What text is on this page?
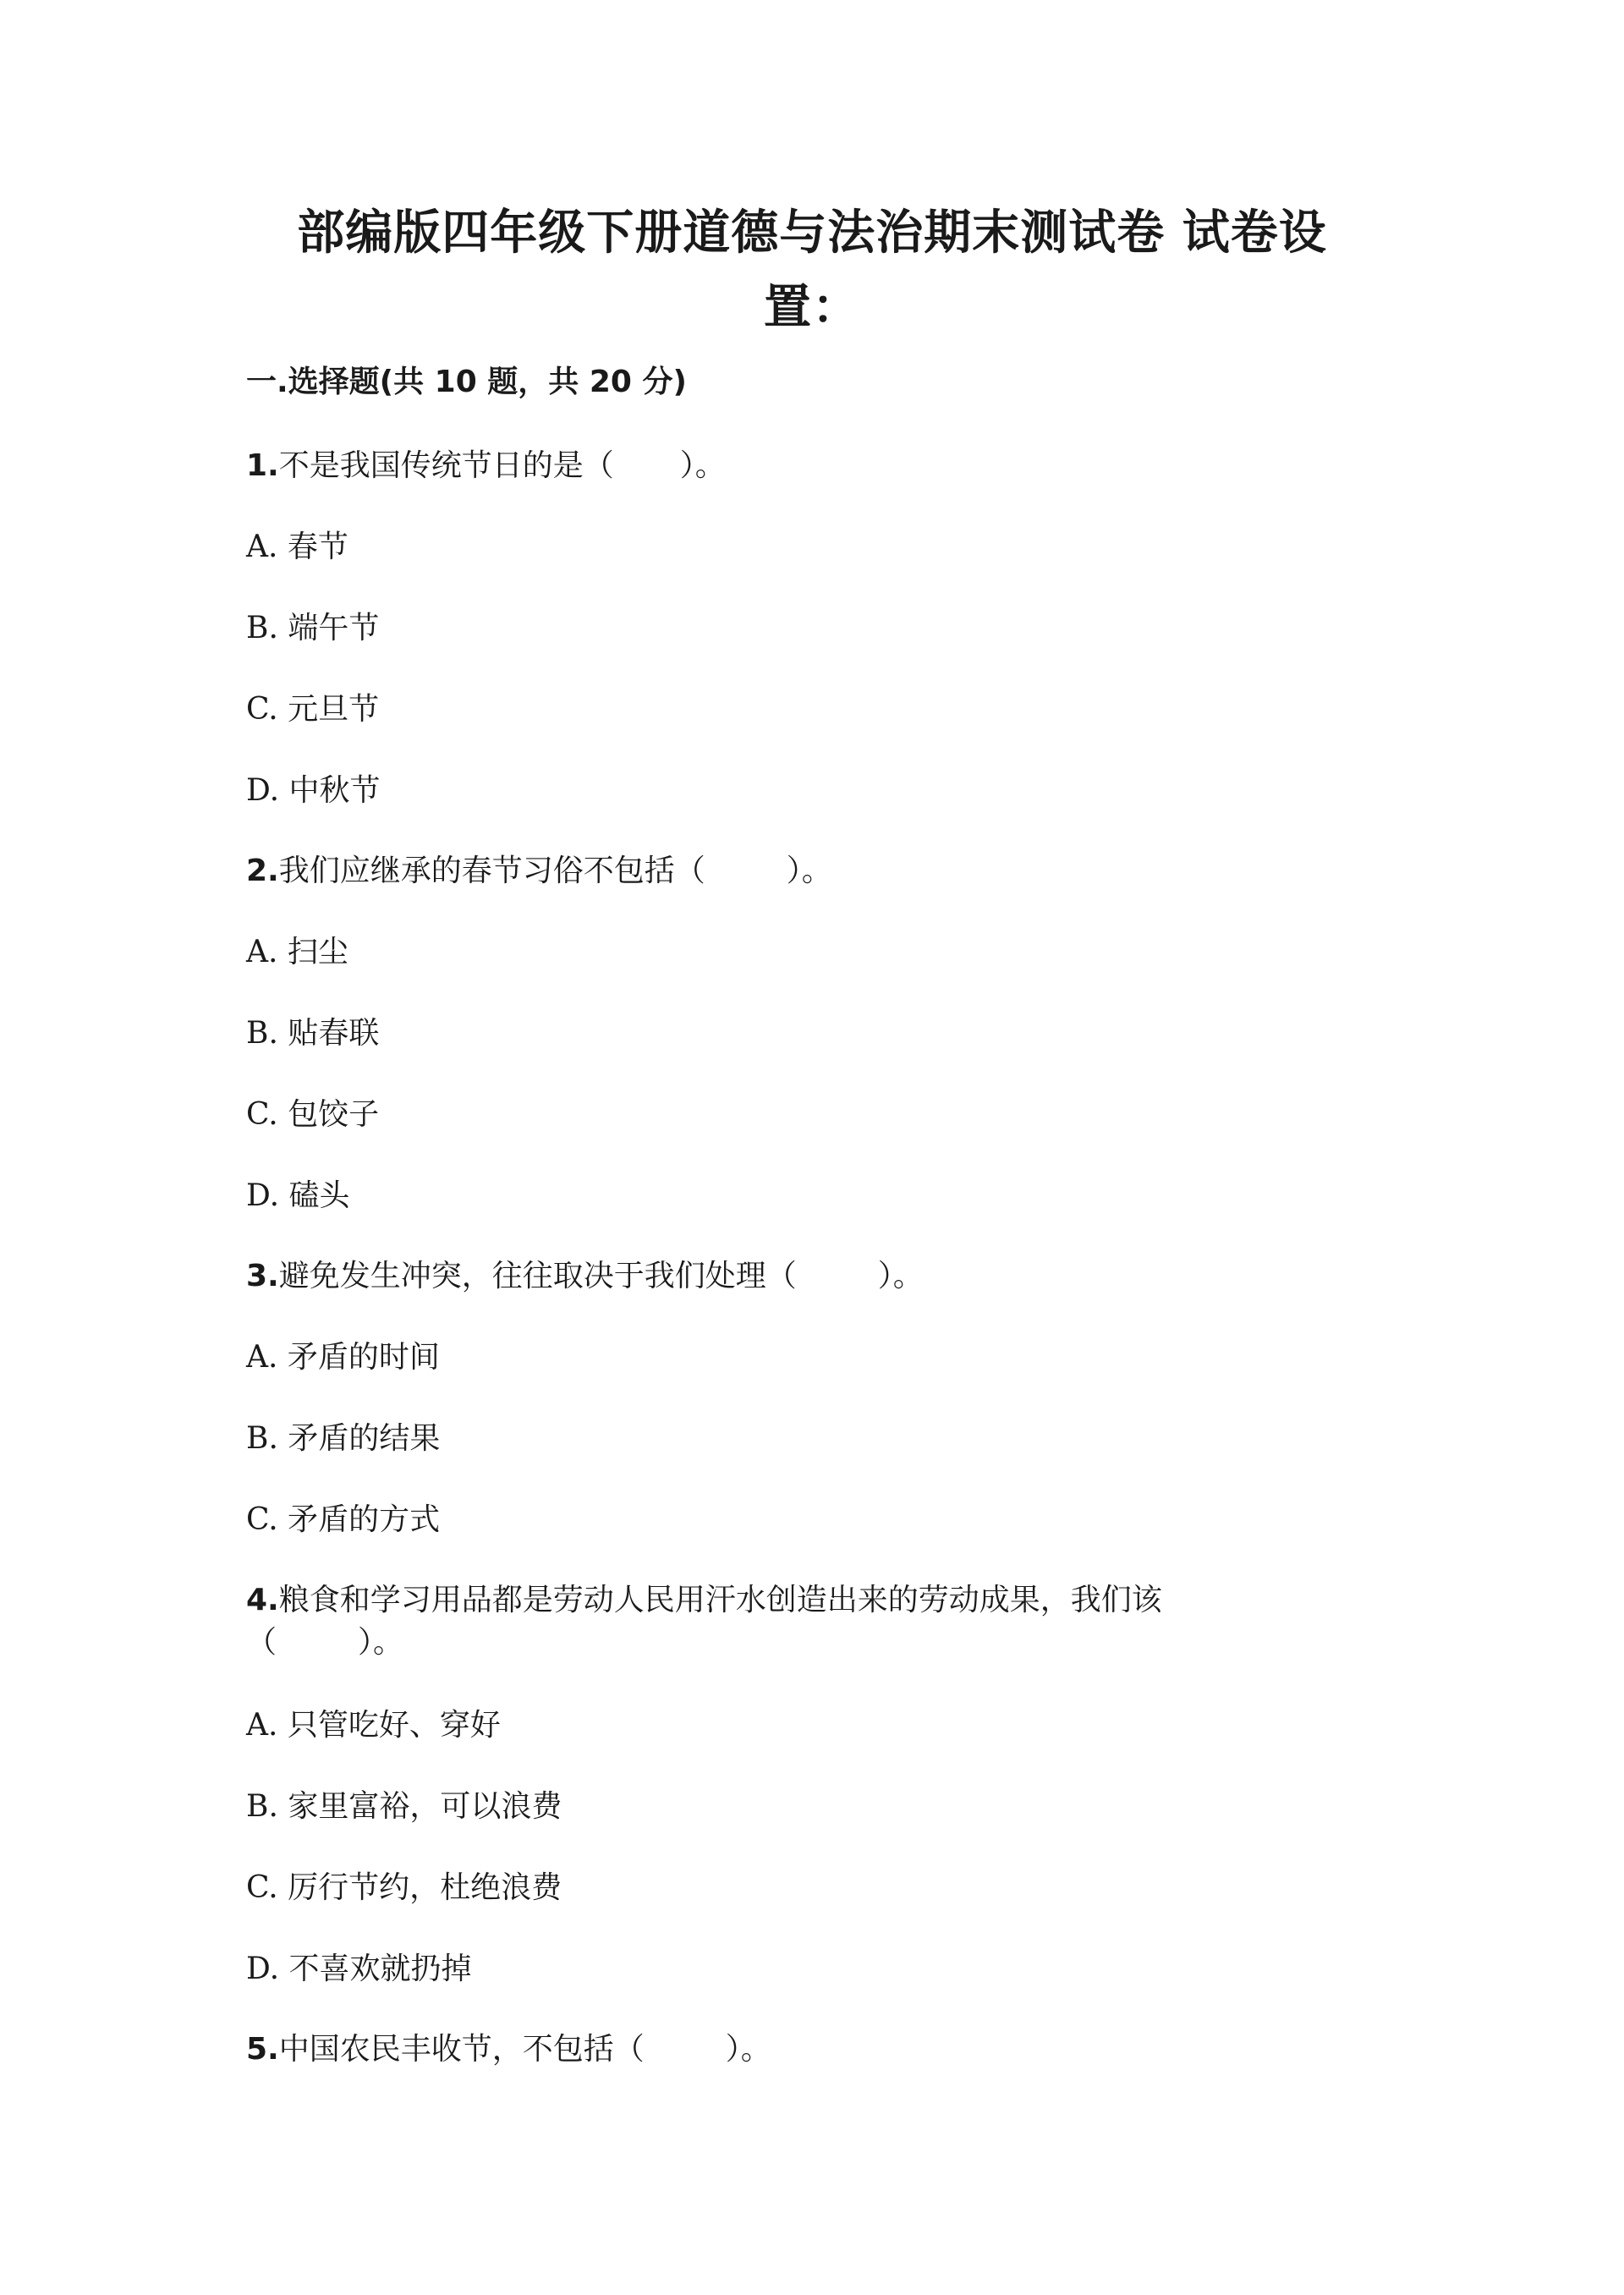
部编版四年级下册道德与法治期末测试卷 试卷设置：
一.选择题(共 10 题，共 20 分)
1.不是我国传统节日的是（ ）。
A. 春节
B. 端午节
C. 元旦节
D. 中秋节
2.我们应继承的春节习俗不包括（	）。
A. 扫尘
B. 贴春联
C. 包饺子
D. 磕头
3.避免发生冲突，往往取决于我们处理（	）。
A. 矛盾的时间
B. 矛盾的结果
C. 矛盾的方式
4.粮食和学习用品都是劳动人民用汗水创造出来的劳动成果，我们该
（	）。
A. 只管吃好、穿好
B. 家里富裕，可以浪费
C. 厉行节约，杜绝浪费
D. 不喜欢就扔掉
5.中国农民丰收节，不包括（	）。
